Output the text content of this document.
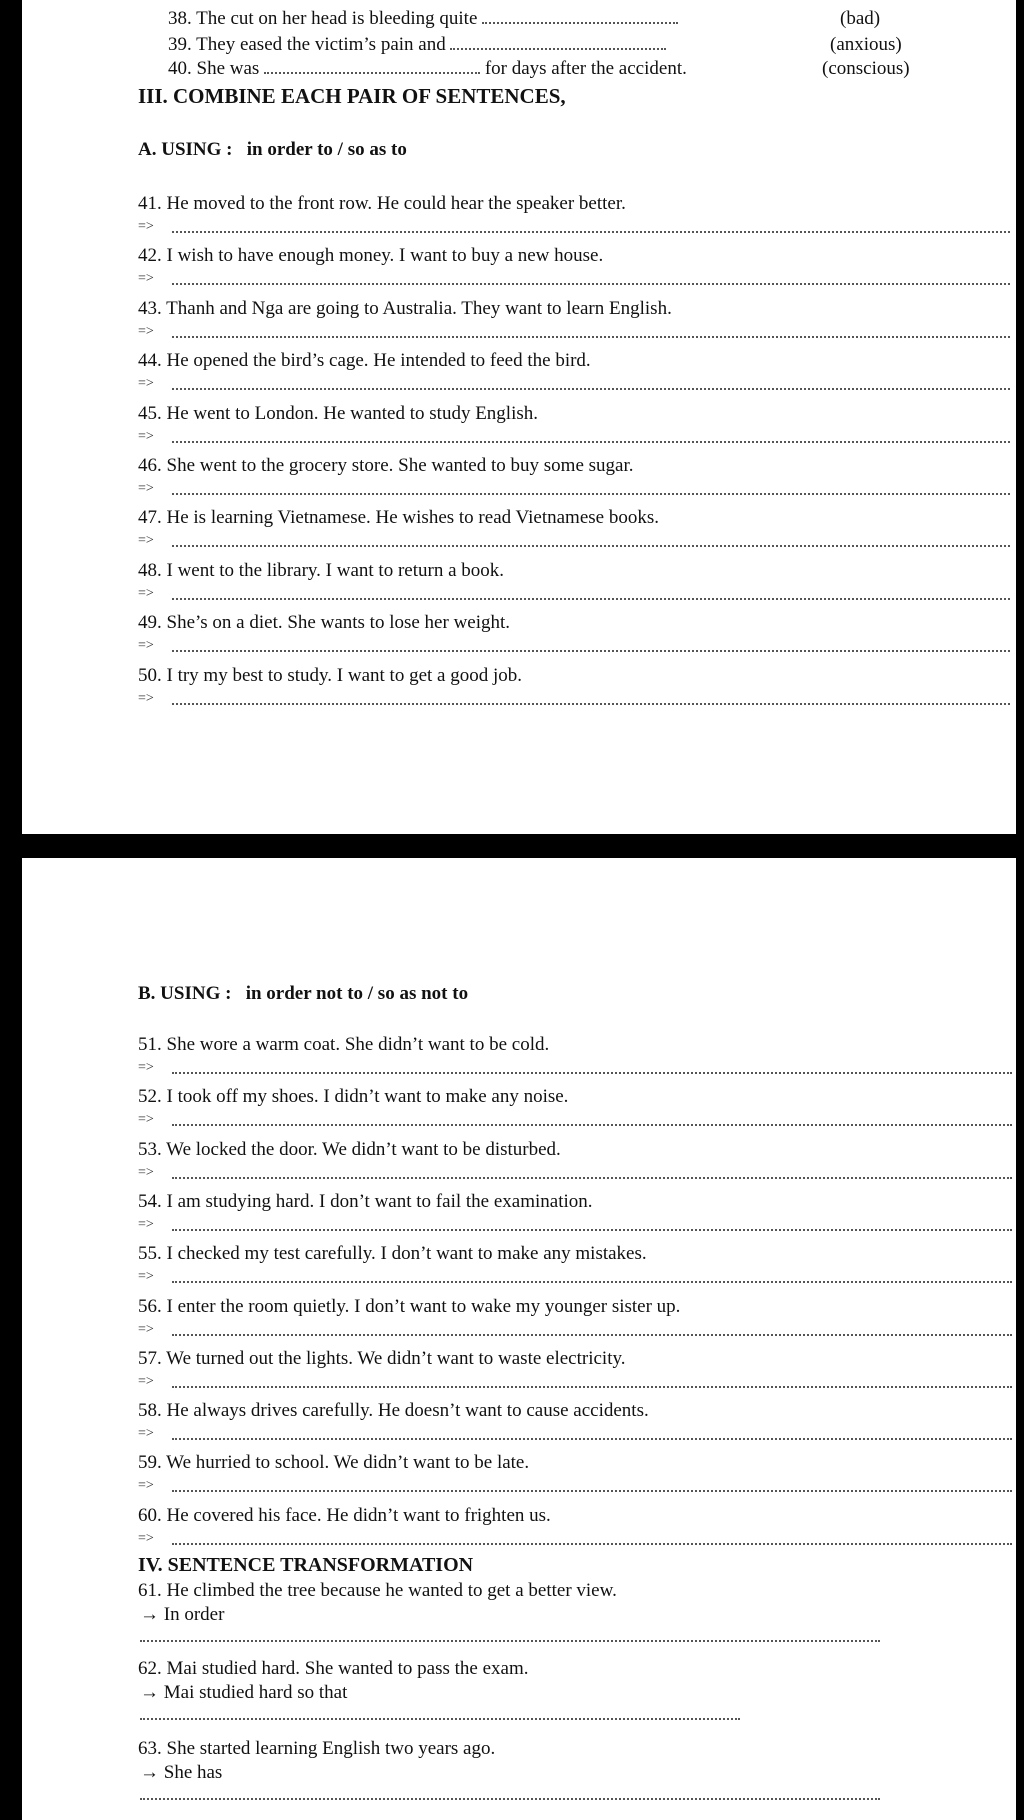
38. The cut on her head is bleeding quite	(bad)
39. They eased the victim’s pain and	(anxious)
40. She was	for days after the accident.	(conscious)
III. COMBINE EACH PAIR OF SENTENCES,
A. USING : in order to / so as to
41. He moved to the front row. He could hear the speaker better.
=>
42. I wish to have enough money. I want to buy a new house.
=>
43. Thanh and Nga are going to Australia. They want to learn English.
=>
44. He opened the bird’s cage. He intended to feed the bird.
=>
45. He went to London. He wanted to study English.
=>
46. She went to the grocery store. She wanted to buy some sugar.
=>
47. He is learning Vietnamese. He wishes to read Vietnamese books.
=>
48. I went to the library. I want to return a book.
=>
49. She’s on a diet. She wants to lose her weight.
=>
50. I try my best to study. I want to get a good job.
=>
B. USING : in order not to / so as not to
51. She wore a warm coat. She didn’t want to be cold.
=>
52. I took off my shoes. I didn’t want to make any noise.
=>
53. We locked the door. We didn’t want to be disturbed.
=>
54. I am studying hard. I don’t want to fail the examination.
=>
55. I checked my test carefully. I don’t want to make any mistakes.
=>
56. I enter the room quietly. I don’t want to wake my younger sister up.
=>
57. We turned out the lights. We didn’t want to waste electricity.
=>
58. He always drives carefully. He doesn’t want to cause accidents.
=>
59. We hurried to school. We didn’t want to be late.
=>
60. He covered his face. He didn’t want to frighten us.
=>
IV. SENTENCE TRANSFORMATION
61. He climbed the tree because he wanted to get a better view.
→ In order
62. Mai studied hard. She wanted to pass the exam.
→ Mai studied hard so that
63. She started learning English two years ago.
→ She has
